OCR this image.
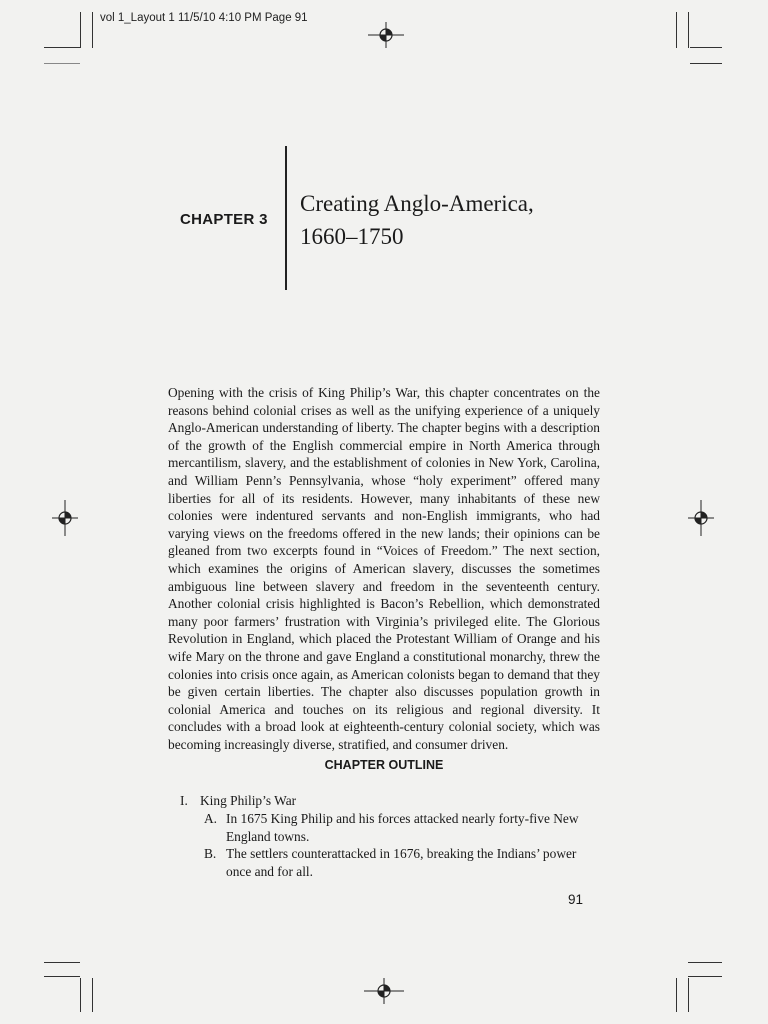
vol 1_Layout 1 11/5/10 4:10 PM Page 91
CHAPTER 3
Creating Anglo-America,
1660–1750

Opening with the crisis of King Philip’s War, this chapter concentrates on the reasons behind colonial crises as well as the unifying experience of a uniquely Anglo-American understanding of liberty. The chapter begins with a description of the growth of the English commercial empire in North America through mercantilism, slavery, and the establishment of colonies in New York, Carolina, and William Penn’s Pennsylvania, whose “holy experiment” offered many liberties for all of its residents. However, many inhabitants of these new colonies were indentured servants and non-English immigrants, who had varying views on the freedoms offered in the new lands; their opinions can be gleaned from two excerpts found in “Voices of Freedom.” The next section, which examines the origins of American slavery, discusses the sometimes ambiguous line between slavery and freedom in the seventeenth century. Another colonial crisis highlighted is Bacon’s Rebellion, which demonstrated many poor farmers’ frustration with Virginia’s privileged elite. The Glorious Revolution in England, which placed the Protestant William of Orange and his wife Mary on the throne and gave England a constitutional monarchy, threw the colonies into crisis once again, as American colonists began to demand that they be given certain liberties. The chapter also discusses population growth in colonial America and touches on its religious and regional diversity. It concludes with a broad look at eighteenth-century colonial society, which was becoming increasingly diverse, stratified, and consumer driven.

CHAPTER OUTLINE
I. King Philip’s War
A. In 1675 King Philip and his forces attacked nearly forty-five New England towns.
B. The settlers counterattacked in 1676, breaking the Indians’ power once and for all.
91
